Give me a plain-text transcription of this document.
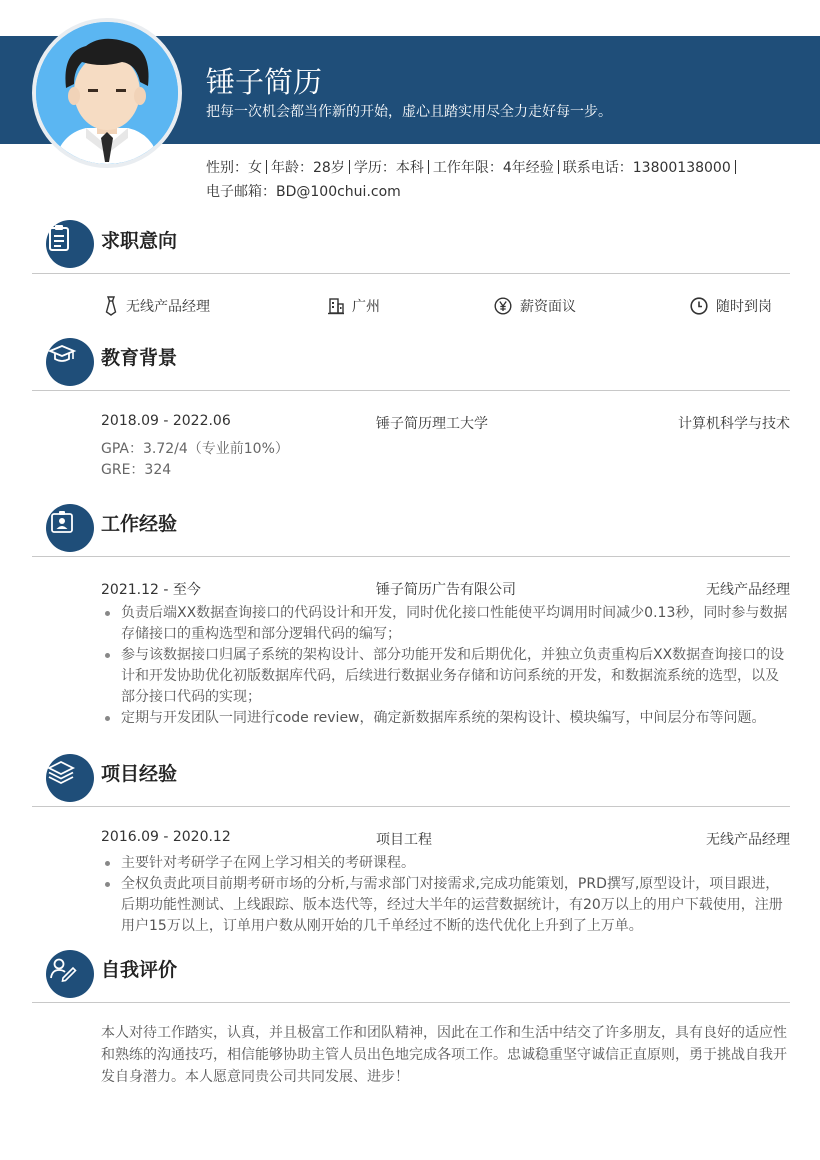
锤子简历
把每一次机会都当作新的开始，虚心且踏实用尽全力走好每一步。
性别：女 年龄：28岁 学历：本科 工作年限：4年经验 联系电话：13800138000
电子邮箱：BD@100chui.com
求职意向
无线产品经理	广州	薪资面议	随时到岗
教育背景
2018.09 - 2022.06	锤子简历理工大学	计算机科学与技术
GPA：3.72/4（专业前10%）
GRE：324
工作经验
2021.12 - 至今	锤子简历广告有限公司	无线产品经理
负责后端XX数据查询接口的代码设计和开发，同时优化接口性能使平均调用时间减少0.13秒，同时参与数据存储接口的重构选型和部分逻辑代码的编写；
参与该数据接口归属子系统的架构设计、部分功能开发和后期优化，并独立负责重构后XX数据查询接口的设计和开发协助优化初版数据库代码，后续进行数据业务存储和访问系统的开发，和数据流系统的选型，以及部分接口代码的实现；
定期与开发团队一同进行code review，确定新数据库系统的架构设计、模块编写，中间层分布等问题。
项目经验
2016.09 - 2020.12	项目工程	无线产品经理
主要针对考研学子在网上学习相关的考研课程。
全权负责此项目前期考研市场的分析,与需求部门对接需求,完成功能策划，PRD撰写,原型设计，项目跟进，后期功能性测试、上线跟踪、版本迭代等，经过大半年的运营数据统计，有20万以上的用户下载使用，注册用户15万以上，订单用户数从刚开始的几千单经过不断的迭代优化上升到了上万单。
自我评价
本人对待工作踏实，认真，并且极富工作和团队精神，因此在工作和生活中结交了许多朋友，具有良好的适应性和熟练的沟通技巧，相信能够协助主管人员出色地完成各项工作。忠诚稳重坚守诚信正直原则，勇于挑战自我开发自身潜力。本人愿意同贵公司共同发展、进步！
